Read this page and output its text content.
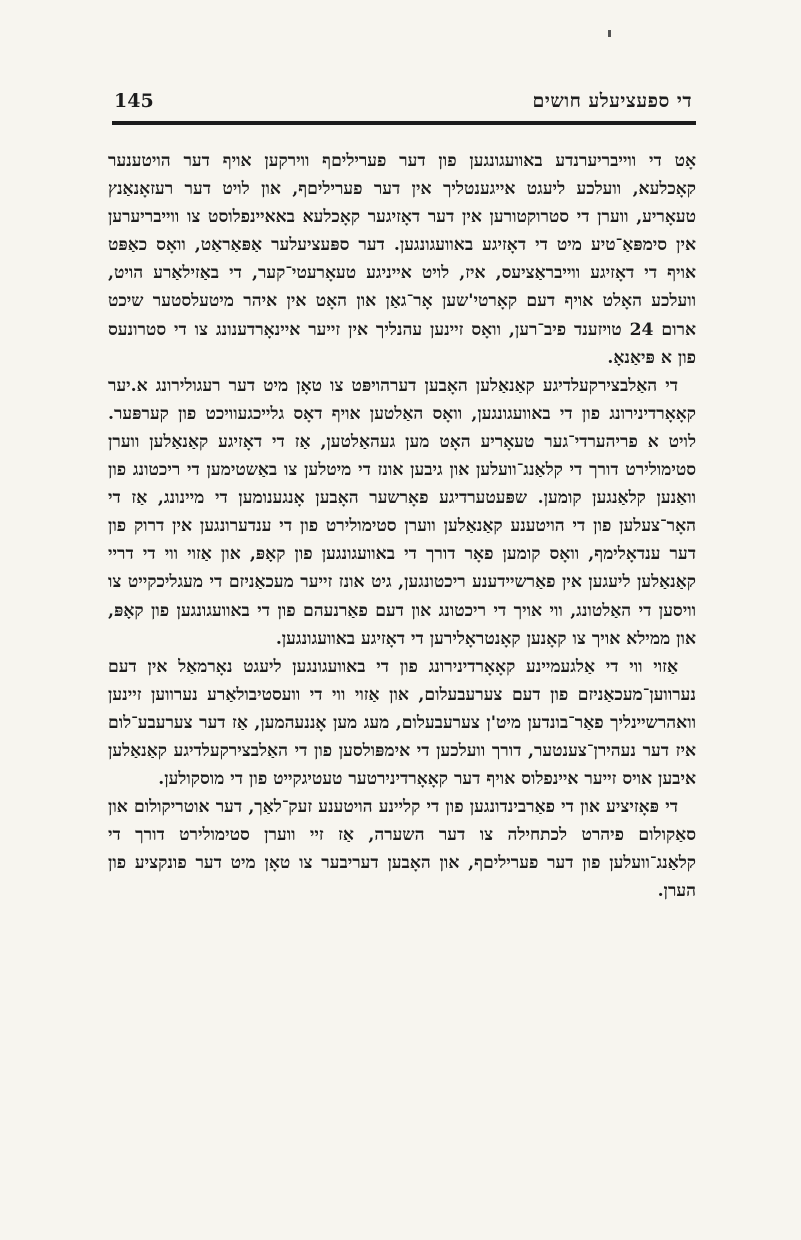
די ספעציעלע חושים
145

אָט די ווייבריערנדע באוועגונגען פון דער פעריליםף ווירקען אויף דער הויטענער קאָכלעא, וועלכע ליעגט אייגענטליך אין דער פעריליםף, און לויט דער רעזאָנאַנץ טעאָריע, ווערן די סטרוקטורען אין דער דאָזיגער קאָכלעא באאיינפלוסט צו ווייבריערען אין סימפּאַ־טיע מיט די דאָזיגע באוועגונגען. דער ספּעציעלער אַפּאַראַט, וואָס כאַפּט אויף די דאָזיגע ווייבראַציעס, איז, לויט אייניגע טעאָרעטי־קער, די באַזילאַרע הויט, וועלכע האָלט אויף דעם קאָרטי'שען אָר־גאַן און האָט אין איהר מיטעלסטער שיכט ארום 24 טויזענד פיב־רען, וואָס זיינען עהנליך אין זייער איינאָרדענונג צו די סטרונעס פון א פּיאַנאָ.

די האַלבצירקעלדיגע קאַנאַלען האָבען דערהויפּט צו טאָן מיט דער רעגולירונג א.יער קאָאָרדינירונג פון די באוועגונגען, וואָס האַלטען אויף דאָס גלייכגעוויכט פון קערפּער. לויט א פריהערדי־גער טעאָריע האָט מען געהאַלטען, אַז די דאָזיגע קאַנאַלען ווערן סטימולירט דורך די קלאַנג־וועלען און גיבען אונז די מיטלען צו באַשטימען די ריכטונג פון וואַנען קלאַנגען קומען. שפּעטערדיגע פאָרשער האָבען אָנגענומען די מיינונג, אַז די האָר־צעלען פון די הויטענע קאַנאַלען ווערן סטימולירט פון די ענדערונגען אין דרוק פון דער ענדאָלימף, וואָס קומען פאָר דורך די באוועגונגען פון קאָפּ, און אַזוי ווי די דריי קאַנאַלען ליעגען אין פאַרשיידענע ריכטונגען, גיט אונז זייער מעכאַניזם די מעגליכקייט צו וויסען די האַלטונג, ווי אויך די ריכטונג און דעם פאַרנעהם פון די באוועגונגען פון קאָפּ, און ממילא אויך צו קאָנען קאָנטראָלירען די דאָזיגע באוועגונגען.

אַזוי ווי די אַלגעמיינע קאָאָרדינירונג פון די באוועגונגען ליעגט נאָרמאַל אין דעם נערווען־מעכאַניזם פון דעם צערעבעלום, און אַזוי ווי די וועסטיבולאַרע נערווען זיינען וואהרשיינליך פאַר־בונדען מיט'ן צערעבעלום, מעג מען אָננעהמען, אַז דער צערעבע־לום איז דער נעהירן־צענטער, דורך וועלכען די אימפּולסען פון די האַלבצירקעלדיגע קאַנאַלען איבען אויס זייער איינפלוס אויף דער קאָאָרדינירטער טעטיגקייט פון די מוסקולען.

די פּאָזיציע און די פאַרבינדונגען פון די קליינע הויטענע זעק־לאַך, דער אוטריקולום און סאַקולום פיהרט לכתחילה צו דער השערה, אַז זיי ווערן סטימולירט דורך די קלאַנג־וועלען פון דער פעריליםף, און האָבען דעריבער צו טאָן מיט דער פונקציע פון הערן.
